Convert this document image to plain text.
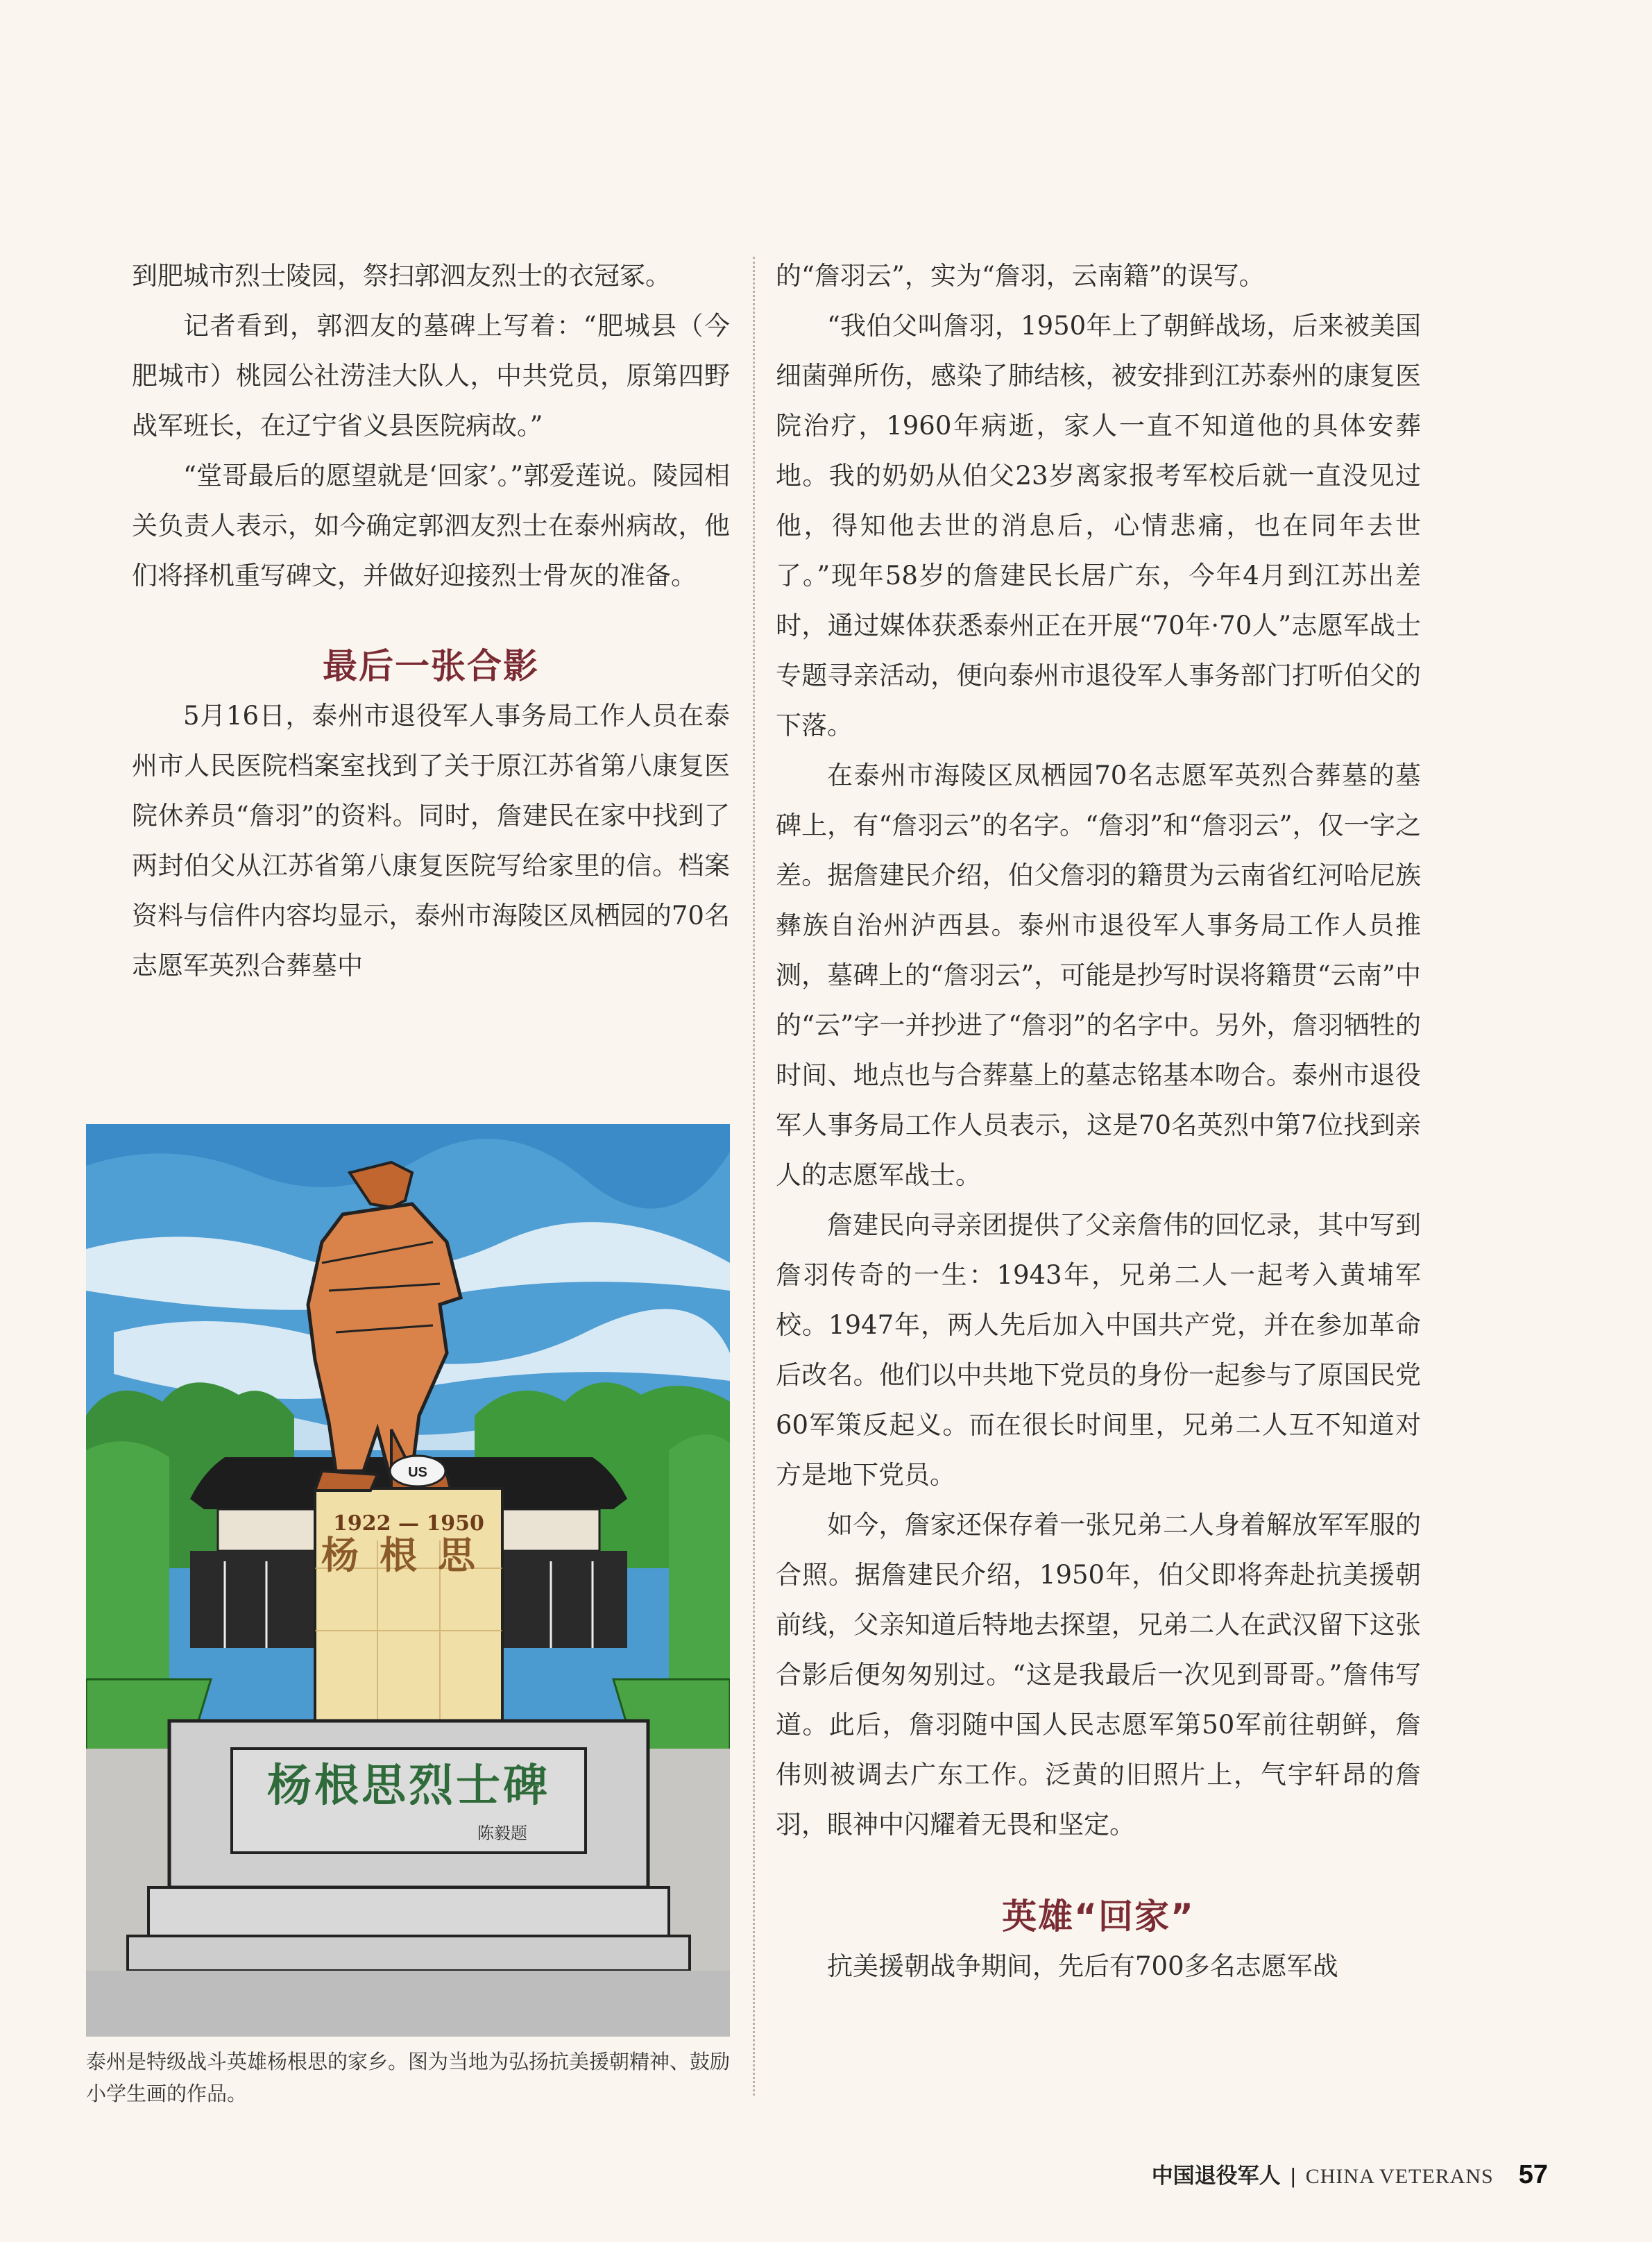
到肥城市烈士陵园，祭扫郭泗友烈士的衣冠冢。

记者看到，郭泗友的墓碑上写着：“肥城县（今肥城市）桃园公社涝洼大队人，中共党员，原第四野战军班长，在辽宁省义县医院病故。”

“堂哥最后的愿望就是‘回家’。”郭爱莲说。陵园相关负责人表示，如今确定郭泗友烈士在泰州病故，他们将择机重写碑文，并做好迎接烈士骨灰的准备。

最后一张合影

5月16日，泰州市退役军人事务局工作人员在泰州市人民医院档案室找到了关于原江苏省第八康复医院休养员“詹羽”的资料。同时，詹建民在家中找到了两封伯父从江苏省第八康复医院写给家里的信。档案资料与信件内容均显示，泰州市海陵区凤栖园的70名志愿军英烈合葬墓中

1922 — 1950
杨根思
US
杨根思烈士碑
陈毅题
泰州是特级战斗英雄杨根思的家乡。图为当地为弘扬抗美援朝精神、鼓励小学生画的作品。

的“詹羽云”，实为“詹羽，云南籍”的误写。

“我伯父叫詹羽，1950年上了朝鲜战场，后来被美国细菌弹所伤，感染了肺结核，被安排到江苏泰州的康复医院治疗，1960年病逝，家人一直不知道他的具体安葬地。我的奶奶从伯父23岁离家报考军校后就一直没见过他，得知他去世的消息后，心情悲痛，也在同年去世了。”现年58岁的詹建民长居广东，今年4月到江苏出差时，通过媒体获悉泰州正在开展“70年·70人”志愿军战士专题寻亲活动，便向泰州市退役军人事务部门打听伯父的下落。

在泰州市海陵区凤栖园70名志愿军英烈合葬墓的墓碑上，有“詹羽云”的名字。“詹羽”和“詹羽云”，仅一字之差。据詹建民介绍，伯父詹羽的籍贯为云南省红河哈尼族彝族自治州泸西县。泰州市退役军人事务局工作人员推测，墓碑上的“詹羽云”，可能是抄写时误将籍贯“云南”中的“云”字一并抄进了“詹羽”的名字中。另外，詹羽牺牲的时间、地点也与合葬墓上的墓志铭基本吻合。泰州市退役军人事务局工作人员表示，这是70名英烈中第7位找到亲人的志愿军战士。

詹建民向寻亲团提供了父亲詹伟的回忆录，其中写到詹羽传奇的一生：1943年，兄弟二人一起考入黄埔军校。1947年，两人先后加入中国共产党，并在参加革命后改名。他们以中共地下党员的身份一起参与了原国民党60军策反起义。而在很长时间里，兄弟二人互不知道对方是地下党员。

如今，詹家还保存着一张兄弟二人身着解放军军服的合照。据詹建民介绍，1950年，伯父即将奔赴抗美援朝前线，父亲知道后特地去探望，兄弟二人在武汉留下这张合影后便匆匆别过。“这是我最后一次见到哥哥。”詹伟写道。此后，詹羽随中国人民志愿军第50军前往朝鲜，詹伟则被调去广东工作。泛黄的旧照片上，气宇轩昂的詹羽，眼神中闪耀着无畏和坚定。

英雄“回家”

抗美援朝战争期间，先后有700多名志愿军战

中国退役军人 | CHINA VETERANS 57
